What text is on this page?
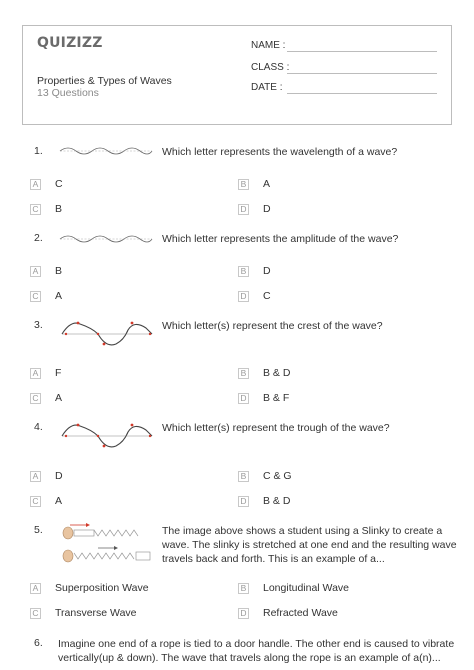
QUIZIZZ
Properties & Types of Waves
13 Questions
NAME :
CLASS :
DATE :
1.	Which letter represents the wavelength of a wave?
A C	B A
C B	D D
2.	Which letter represents the amplitude of the wave?
A B	B D
C A	D C
3.	Which letter(s) represent the crest of the wave?
A F	B B & D
C A	D B & F
4.	Which letter(s) represent the trough of the wave?
A D	B C & G
C A	D B & D
5.	The image above shows a student using a Slinky to create a
wave. The slinky is stretched at one end and the resulting wave
travels back and forth. This is an example of a...
A Superposition Wave	B Longitudinal Wave
C Transverse Wave	D Refracted Wave
6. Imagine one end of a rope is tied to a door handle. The other end is caused to vibrate
vertically(up & down). The wave that travels along the rope is an example of a(n)...
